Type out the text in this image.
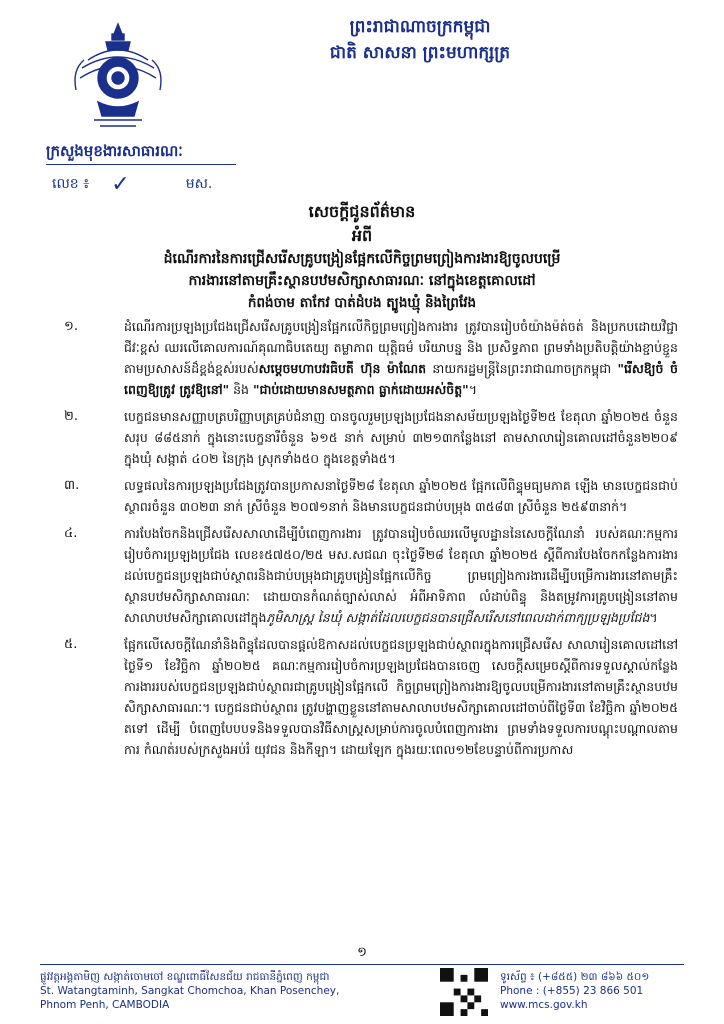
ព្រះរាជាណាចក្រកម្ពុជា
ជាតិ សាសនា ព្រះមហាក្សត្រ
ក្រសួងមុខងារសាធារណៈ
លេខ ៖ ✓	មស.
សេចក្តីជូនព័ត៌មាន
អំពី
ដំណើរការនៃការជ្រើសរើសគ្រូបង្រៀនផ្អែកលើកិច្ចព្រមព្រៀងការងារឱ្យចូលបម្រើ
ការងារនៅតាមគ្រឹះស្ថានបឋមសិក្សាសាធារណៈ នៅក្នុងខេត្តគោលដៅ
កំពង់ចាម តាកែវ បាត់ដំបង ត្បូងឃ្មុំ និងព្រៃវែង
១.	ដំណើរការប្រឡងប្រជែងជ្រើសរើសគ្រូបង្រៀនផ្អែកលើកិច្ចព្រមព្រៀងការងារ ត្រូវបានរៀបចំយ៉ាងម៉ត់ចត់ និងប្រកបដោយវិជ្ជាជីវៈខ្ពស់ ឈរលើគោលការណ៍គុណាធិបតេយ្យ តម្លាភាព យុត្តិធម៌ បរិយាបន្ន និង ប្រសិទ្ធភាព ព្រមទាំងប្រតិបត្តិយ៉ាងខ្ជាប់ខ្ជួនតាមប្រសាសន៍ដ៏ខ្ពង់ខ្ពស់របស់សម្តេចមហាបវរធិបតី ហ៊ុន ម៉ាណែត នាយករដ្ឋមន្ត្រីនៃព្រះរាជាណាចក្រកម្ពុជា "រើសឱ្យចំ ចំពេញឱ្យត្រូវ ត្រូវឱ្យនៅ" និង "ជាប់ដោយមានសមត្ថភាព ធ្លាក់ដោយអស់ចិត្ត"។
២.	បេក្ខជនមានសញ្ញាបត្របរិញ្ញាបត្រគ្រប់ជំនាញ បានចូលរួមប្រឡងប្រជែងនាសម័យប្រឡងថ្ងៃទី២៥ ខែតុលា ឆ្នាំ២០២៥ ចំនួនសរុប ៨៨៥នាក់ ក្នុងនោះបេក្ខនារីចំនួន ៦១៥ នាក់ សម្រាប់ ៣២១៣កន្លែងនៅ តាមសាលារៀនគោលដៅចំនួន២២០៩ ក្នុងឃុំ សង្កាត់ ៤០២ នៃក្រុង ស្រុកទាំង៥០ ក្នុងខេត្តទាំង៥។
៣.	លទ្ធផលនៃការប្រឡងប្រជែងត្រូវបានប្រកាសនាថ្ងៃទី២៨ ខែតុលា ឆ្នាំ២០២៥ ផ្អែកលើពិន្ទុមធ្យមភាគ ឡើង មានបេក្ខជនជាប់ស្ថាពរចំនួន ៣០២៣ នាក់ ស្រីចំនួន ២០៧១នាក់ និងមានបេក្ខជនជាប់បម្រុង ៣៥៨៣ ស្រីចំនួន ២៥៩៣នាក់។
៤.	ការបែងចែកនិងជ្រើសរើសសាលាដើម្បីបំពេញការងារ ត្រូវបានរៀបចំឈរលើមូលដ្ឋាននៃសេចក្តីណែនាំ របស់គណៈកម្មការរៀបចំការប្រឡងប្រជែង លេខ៖៥៧៥០/២៥ មស.សជណ ចុះថ្ងៃទី២៨ ខែតុលា ឆ្នាំ២០២៥ ស្តីពីការបែងចែកកន្លែងការងារដល់បេក្ខជនប្រឡងជាប់ស្ថាពរនិងជាប់បម្រុងជាគ្រូបង្រៀនផ្អែកលើកិច្ច ព្រមព្រៀងការងារដើម្បីបម្រើការងារនៅតាមគ្រឹះស្ថានបឋមសិក្សាសាធារណៈ ដោយបានកំណត់ច្បាស់លាស់ អំពីអាទិភាព លំដាប់ពិន្ទុ និងតម្រូវការគ្រូបង្រៀននៅតាមសាលាបឋមសិក្សាគោលដៅក្នុងភូមិសាស្ត្រ នៃឃុំ សង្កាត់ដែលបេក្ខជនបានជ្រើសរើសនៅពេលដាក់ពាក្យប្រឡងប្រជែង។
៥.	ផ្អែកលើសេចក្តីណែនាំនិងពិន្ទុដែលបានផ្តល់ឱកាសដល់បេក្ខជនប្រឡងជាប់ស្ថាពរក្នុងការជ្រើសរើស សាលារៀនគោលដៅនៅថ្ងៃទី១ ខែវិច្ឆិកា ឆ្នាំ២០២៥ គណៈកម្មការរៀបចំការប្រឡងប្រជែងបានចេញ សេចក្តីសម្រេចស្តីពីការទទួលស្គាល់កន្លែងការងាររបស់បេក្ខជនប្រឡងជាប់ស្ថាពរជាគ្រូបង្រៀនផ្អែកលើ កិច្ចព្រមព្រៀងការងារឱ្យចូលបម្រើការងារនៅតាមគ្រឹះស្ថានបឋមសិក្សាសាធារណៈ។ បេក្ខជនជាប់ស្ថាពរ ត្រូវបង្ហាញខ្លួននៅតាមសាលាបឋមសិក្សាគោលដៅចាប់ពីថ្ងៃទី៣ ខែវិច្ឆិកា ឆ្នាំ២០២៥ តទៅ ដើម្បី បំពេញបែបបទនិងទទួលបានវិធីសាស្ត្រសម្រាប់ការចូលបំពេញការងារ ព្រមទាំងទទួលការបណ្តុះបណ្តាលតាមការ កំណត់របស់ក្រសួងអប់រំ យុវជន និងកីឡា។ ដោយឡែក ក្នុងរយៈពេល១២ខែបន្ទាប់ពីការប្រកាស
១
ផ្លូវវត្តអង្គតាមិញ សង្កាត់ចោមចៅ ខណ្ឌពោធិ៍សែនជ័យ រាជធានីភ្នំពេញ កម្ពុជា
St. Watangtaminh, Sangkat Chomchoa, Khan Posenchey,
Phnom Penh, CAMBODIA
ទូរស័ព្ទ ៖ (+៨៥៥) ២៣ ៨៦៦ ៥០១
Phone : (+855) 23 866 501
www.mcs.gov.kh
